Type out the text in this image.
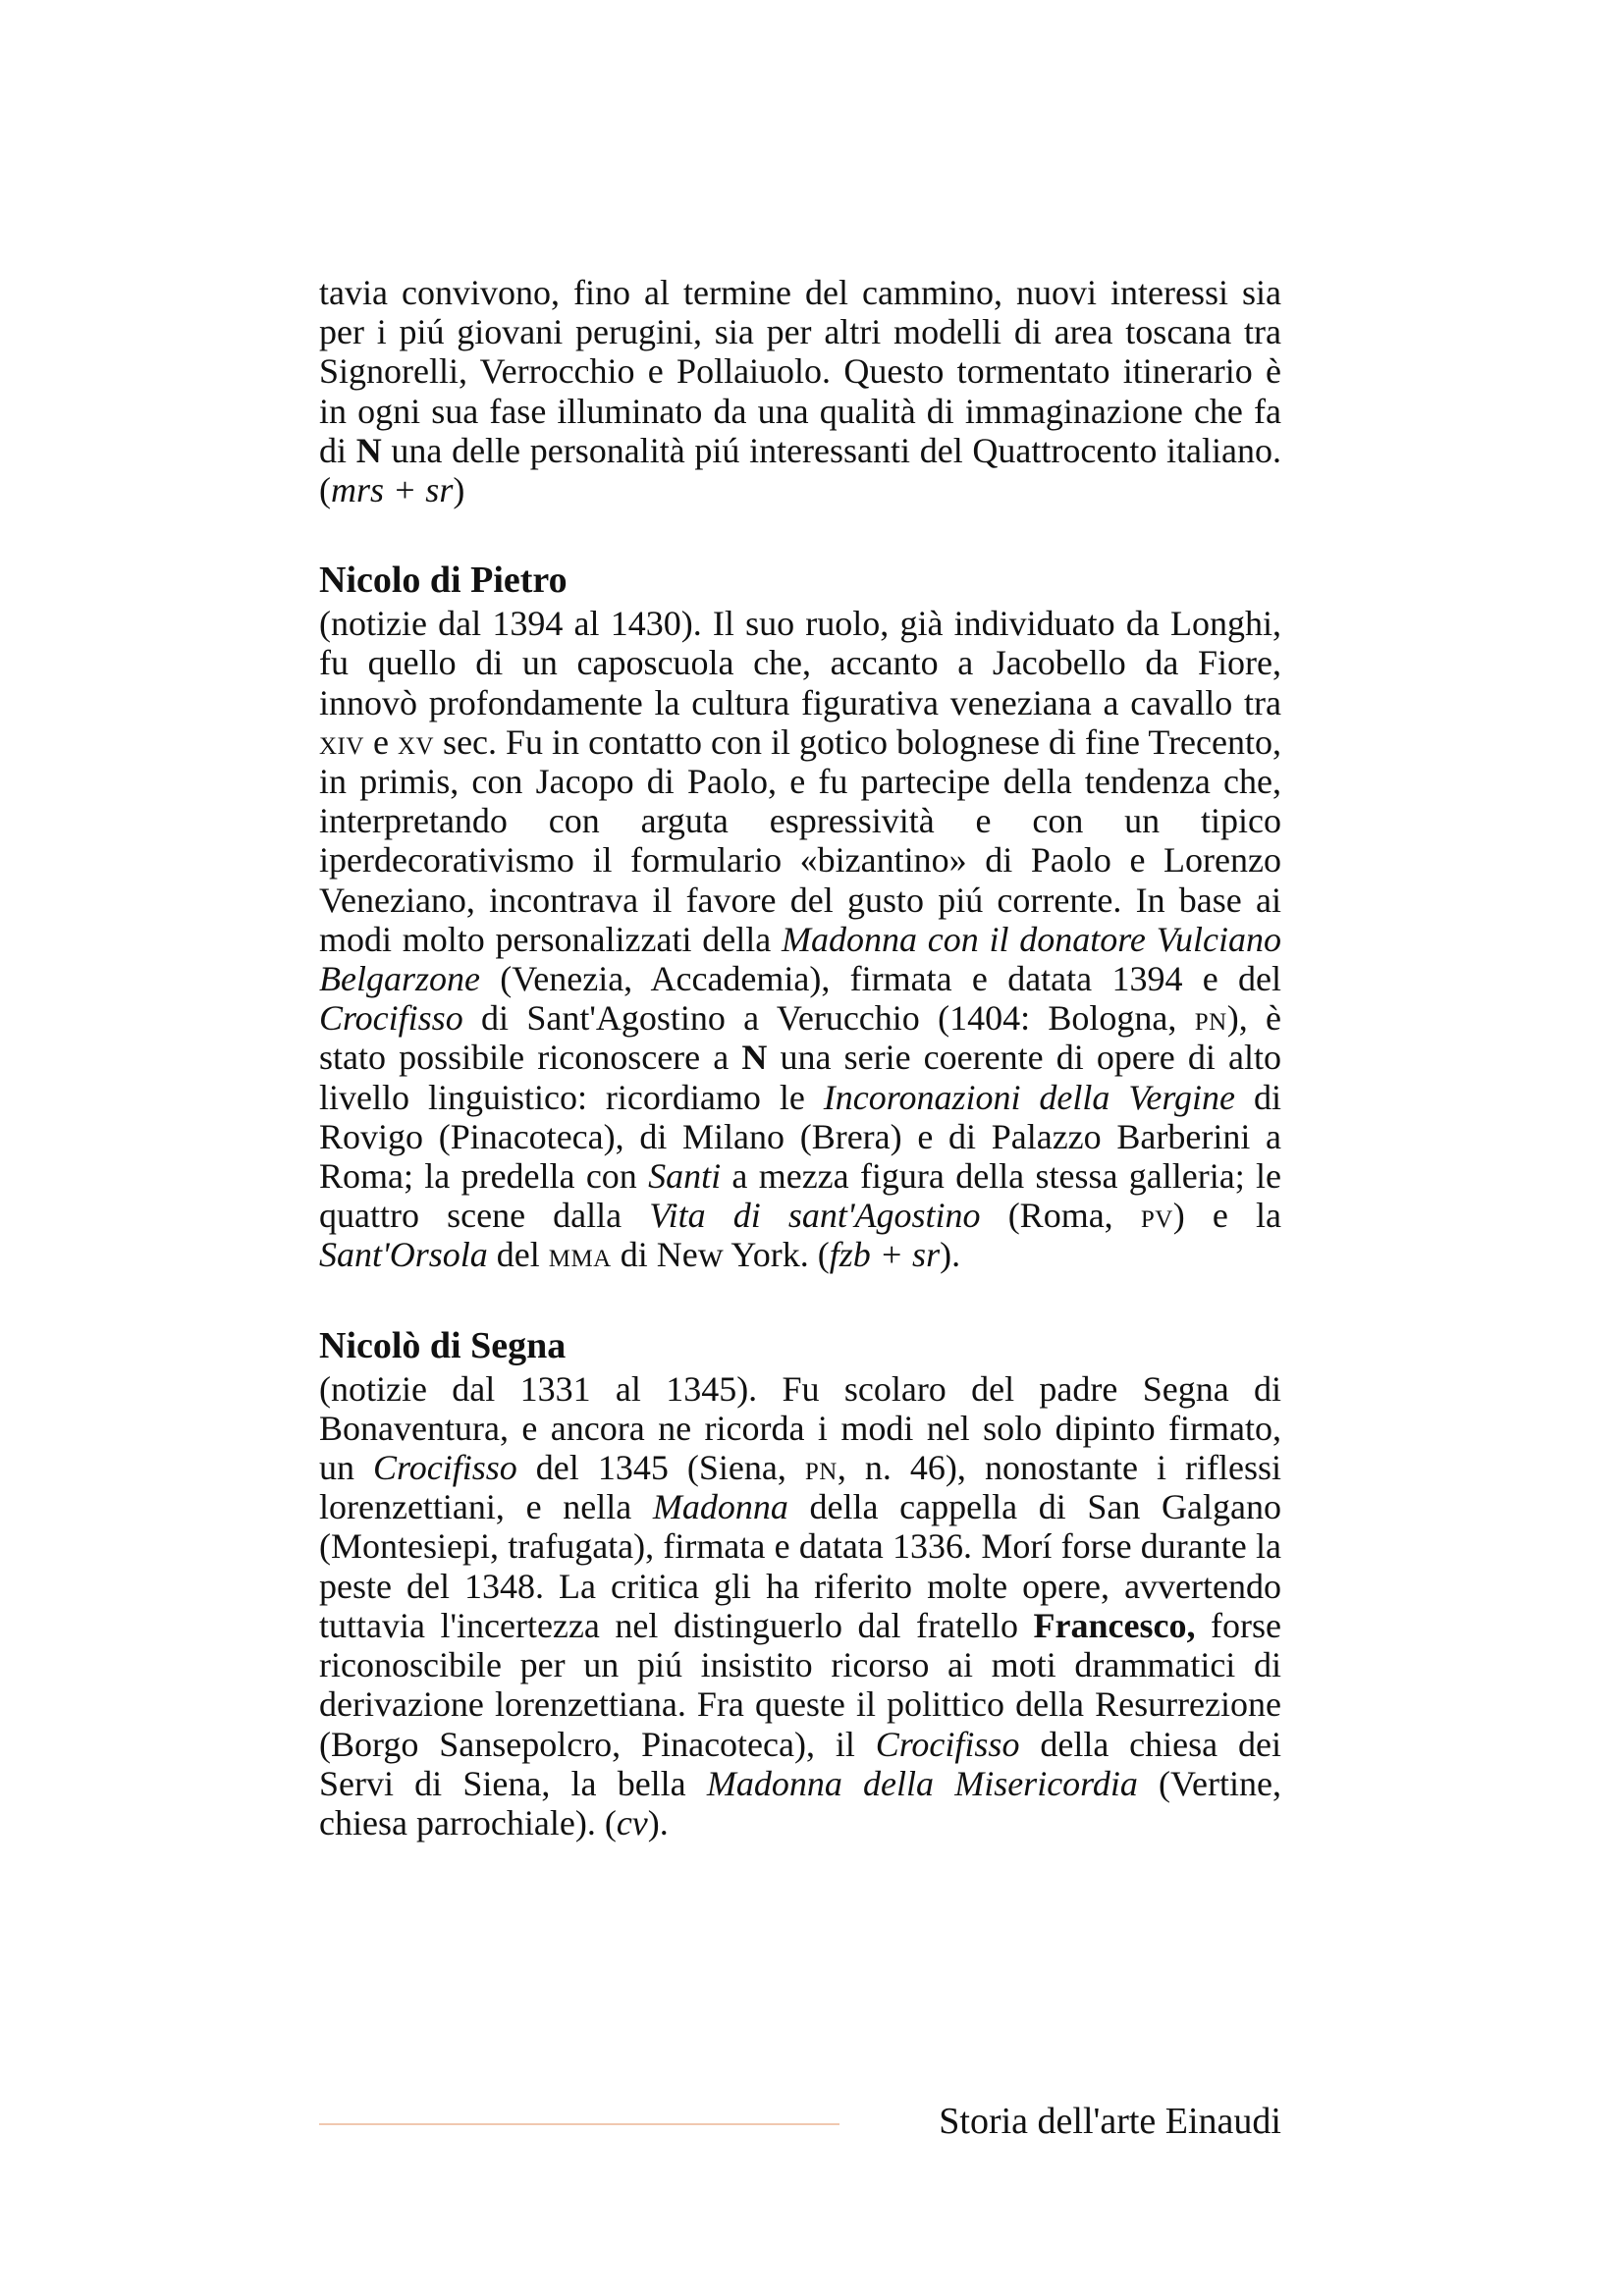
tavia convivono, fino al termine del cammino, nuovi interessi sia per i piú giovani perugini, sia per altri modelli di area toscana tra Signorelli, Verrocchio e Pollaiuolo. Questo tormentato itinerario è in ogni sua fase illuminato da una qualità di immaginazione che fa di N una delle personalità piú interessanti del Quattrocento italiano. (mrs + sr)

Nicolo di Pietro

(notizie dal 1394 al 1430). Il suo ruolo, già individuato da Longhi, fu quello di un caposcuola che, accanto a Jacobello da Fiore, innovò profondamente la cultura figurativa veneziana a cavallo tra xiv e xv sec. Fu in contatto con il gotico bolognese di fine Trecento, in primis, con Jacopo di Paolo, e fu partecipe della tendenza che, interpretando con arguta espressività e con un tipico iperdecorativismo il formulario «bizantino» di Paolo e Lorenzo Veneziano, incontrava il favore del gusto piú corrente. In base ai modi molto personalizzati della Madonna con il donatore Vulciano Belgarzone (Venezia, Accademia), firmata e datata 1394 e del Crocifisso di Sant'Agostino a Verucchio (1404: Bologna, pn), è stato possibile riconoscere a N una serie coerente di opere di alto livello linguistico: ricordiamo le Incoronazioni della Vergine di Rovigo (Pinacoteca), di Milano (Brera) e di Palazzo Barberini a Roma; la predella con Santi a mezza figura della stessa galleria; le quattro scene dalla Vita di sant'Agostino (Roma, pv) e la Sant'Orsola del mma di New York. (fzb + sr).

Nicolò di Segna

(notizie dal 1331 al 1345). Fu scolaro del padre Segna di Bonaventura, e ancora ne ricorda i modi nel solo dipinto firmato, un Crocifisso del 1345 (Siena, pn, n. 46), nonostante i riflessi lorenzettiani, e nella Madonna della cappella di San Galgano (Montesiepi, trafugata), firmata e datata 1336. Morí forse durante la peste del 1348. La critica gli ha riferito molte opere, avvertendo tuttavia l'incertezza nel distinguerlo dal fratello Francesco, forse riconoscibile per un piú insistito ricorso ai moti drammatici di derivazione lorenzettiana. Fra queste il polittico della Resurrezione (Borgo Sansepolcro, Pinacoteca), il Crocifisso della chiesa dei Servi di Siena, la bella Madonna della Misericordia (Vertine, chiesa parrochiale). (cv).

Storia dell'arte Einaudi
